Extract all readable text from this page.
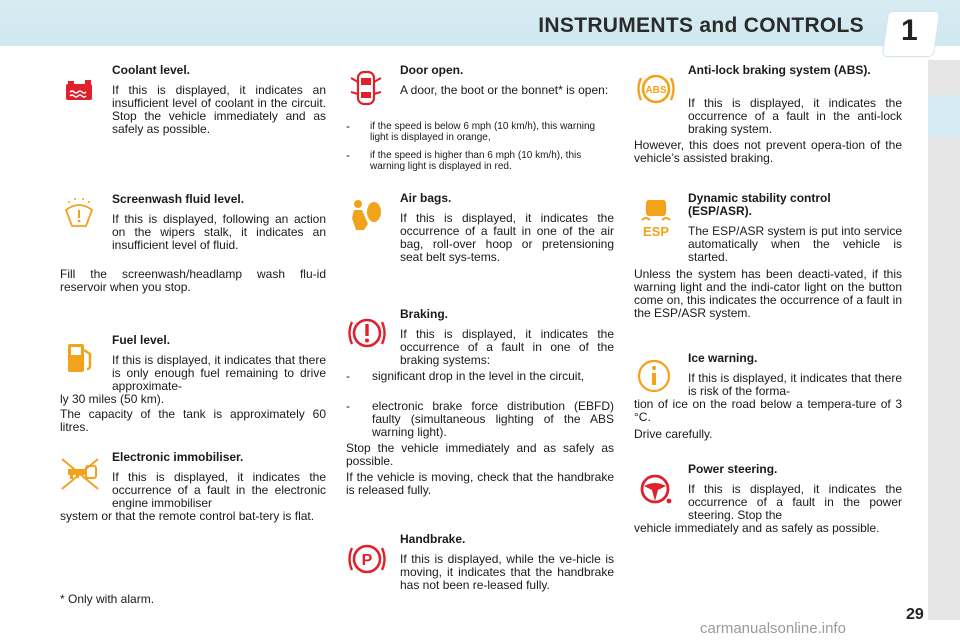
INSTRUMENTS and CONTROLS 1
Coolant level.
If this is displayed, it indicates an insufficient level of coolant in the circuit. Stop the vehicle immediately and as safely as possible.
Screenwash fluid level.
If this is displayed, following an action on the wipers stalk, it indicates an insufficient level of fluid.
Fill the screenwash/headlamp wash flu-id reservoir when you stop.
Fuel level.
If this is displayed, it indicates that there is only enough fuel remaining to drive approximate-
ly 30 miles (50 km).
The capacity of the tank is approximately 60 litres.
Electronic immobiliser.
If this is displayed, it indicates the occurrence of a fault in the electronic engine immobiliser
system or that the remote control bat-tery is flat.
* Only with alarm.
Door open.
A door, the boot or the bonnet* is open:
- if the speed is below 6 mph (10 km/h), this warning light is displayed in orange,
- if the speed is higher than 6 mph (10 km/h), this warning light is displayed in red.
Air bags.
If this is displayed, it indicates the occurrence of a fault in one of the air bag, roll-over hoop or pretensioning seat belt sys-tems.
Braking.
If this is displayed, it indicates the occurrence of a fault in one of the braking systems:
- significant drop in the level in the circuit,
- electronic brake force distribution (EBFD) faulty (simultaneous lighting of the ABS warning light).
Stop the vehicle immediately and as safely as possible.
If the vehicle is moving, check that the handbrake is released fully.
P
Handbrake.
If this is displayed, while the ve-hicle is moving, it indicates that the handbrake has not been re-leased fully.
ABS
Anti-lock braking system (ABS).
If this is displayed, it indicates the occurrence of a fault in the anti-lock braking system.
However, this does not prevent opera-tion of the vehicle’s assisted braking.
ESP
Dynamic stability control (ESP/ASR).
The ESP/ASR system is put into service automatically when the vehicle is started.
Unless the system has been deacti-vated, if this warning light and the indi-cator light on the button come on, this indicates the occurrence of a fault in the ESP/ASR system.
Ice warning.
If this is displayed, it indicates that there is risk of the forma-
tion of ice on the road below a tempera-ture of 3 °C.
Drive carefully.
Power steering.
If this is displayed, it indicates the occurrence of a fault in the power steering. Stop the
vehicle immediately and as safely as possible.
carmanualsonline.info
29
